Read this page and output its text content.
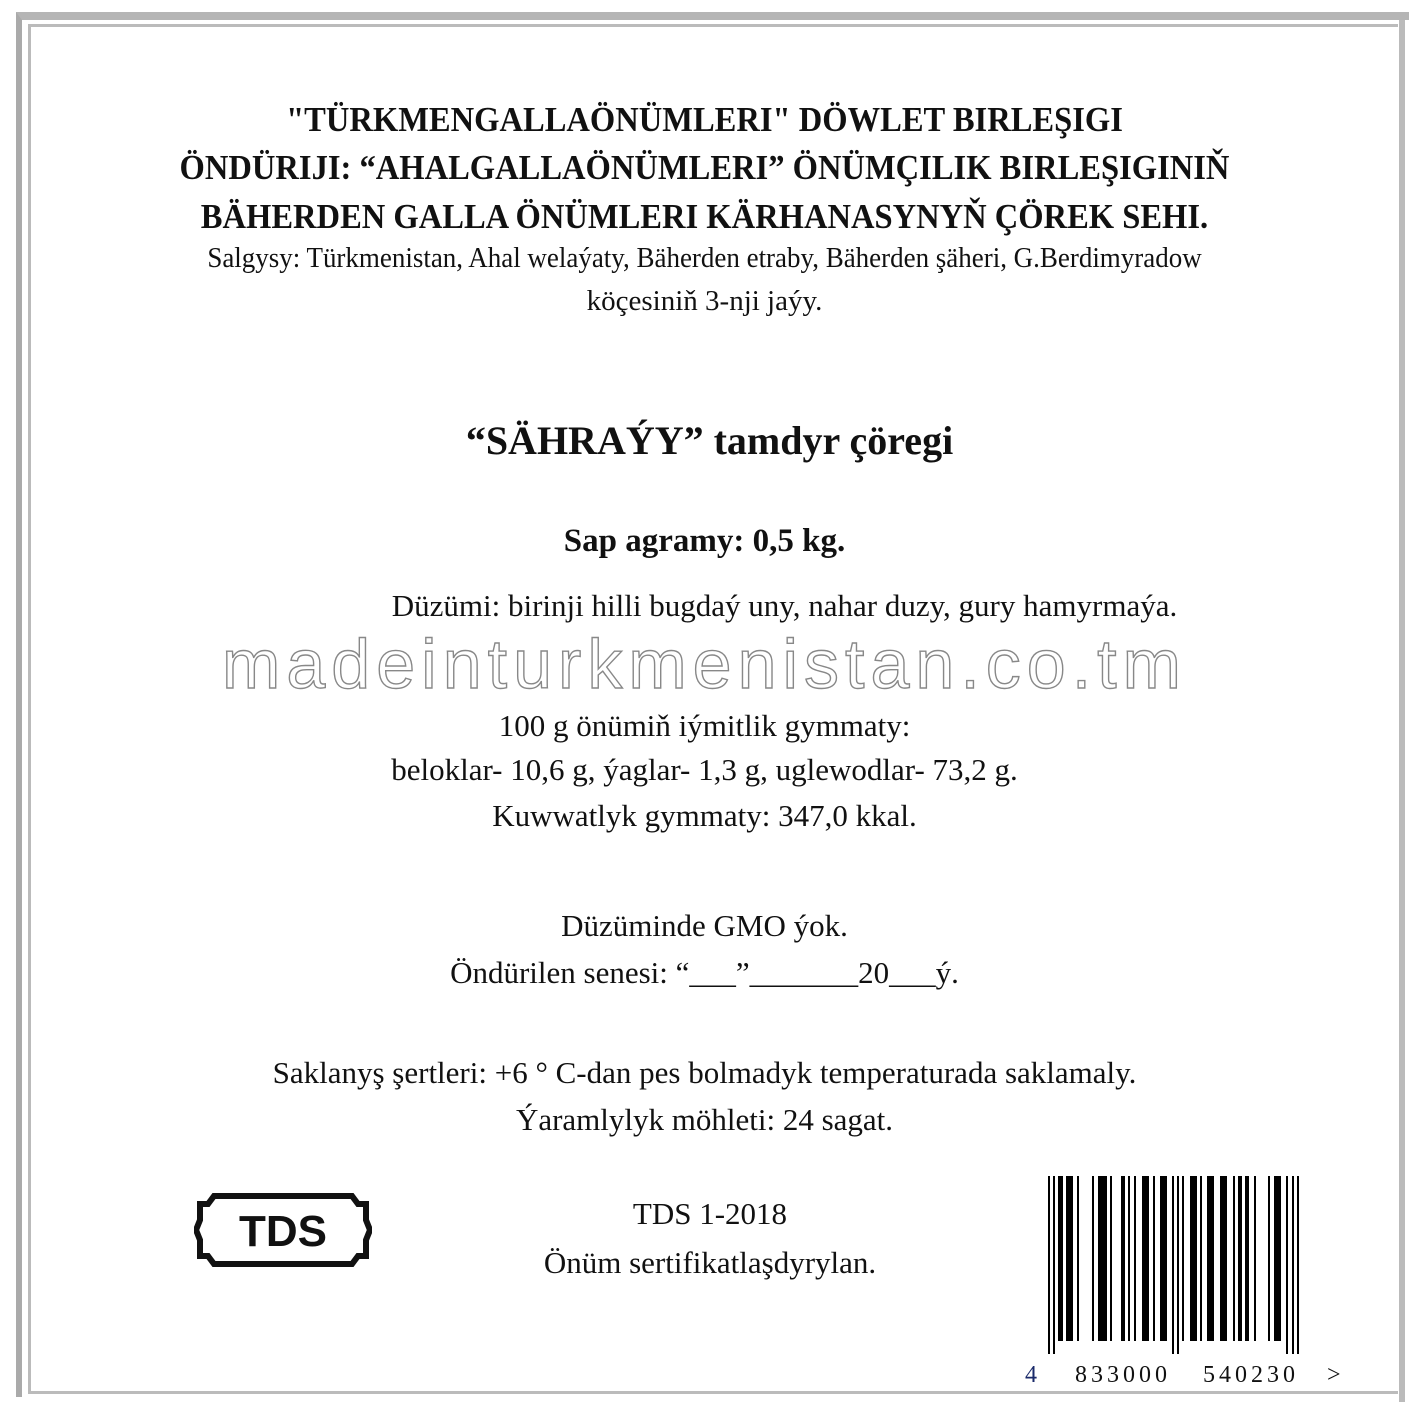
"TÜRKMENGALLAÖNÜMLERI" DÖWLET BIRLEŞIGI
ÖNDÜRIJI: “AHALGALLAÖNÜMLERI” ÖNÜMÇILIK BIRLEŞIGINIŇ
BÄHERDEN GALLA ÖNÜMLERI KÄRHANASYNYŇ ÇÖREK SEHI.
Salgysy: Türkmenistan, Ahal welaýaty, Bäherden etraby, Bäherden şäheri, G.Berdimyradow
köçesiniň 3-nji jaýy.
“SÄHRAÝY” tamdyr çöregi
Sap agramy: 0,5 kg.
Düzümi: birinji hilli bugdaý uny, nahar duzy, gury hamyrmaýa.
madeinturkmenistan.co.tm
100 g önümiň iýmitlik gymmaty:
beloklar- 10,6 g, ýaglar- 1,3 g, uglewodlar- 73,2 g.
Kuwwatlyk gymmaty: 347,0 kkal.
Düzüminde GMO ýok.
Öndürilen senesi: “___”_______20___ý.
Saklanyş şertleri: +6 ° C-dan pes bolmadyk temperaturada saklamaly.
Ýaramlylyk möhleti: 24 sagat.
TDS 1-2018
Önüm sertifikatlaşdyrylan.
TDS
4 833000 540230 >
